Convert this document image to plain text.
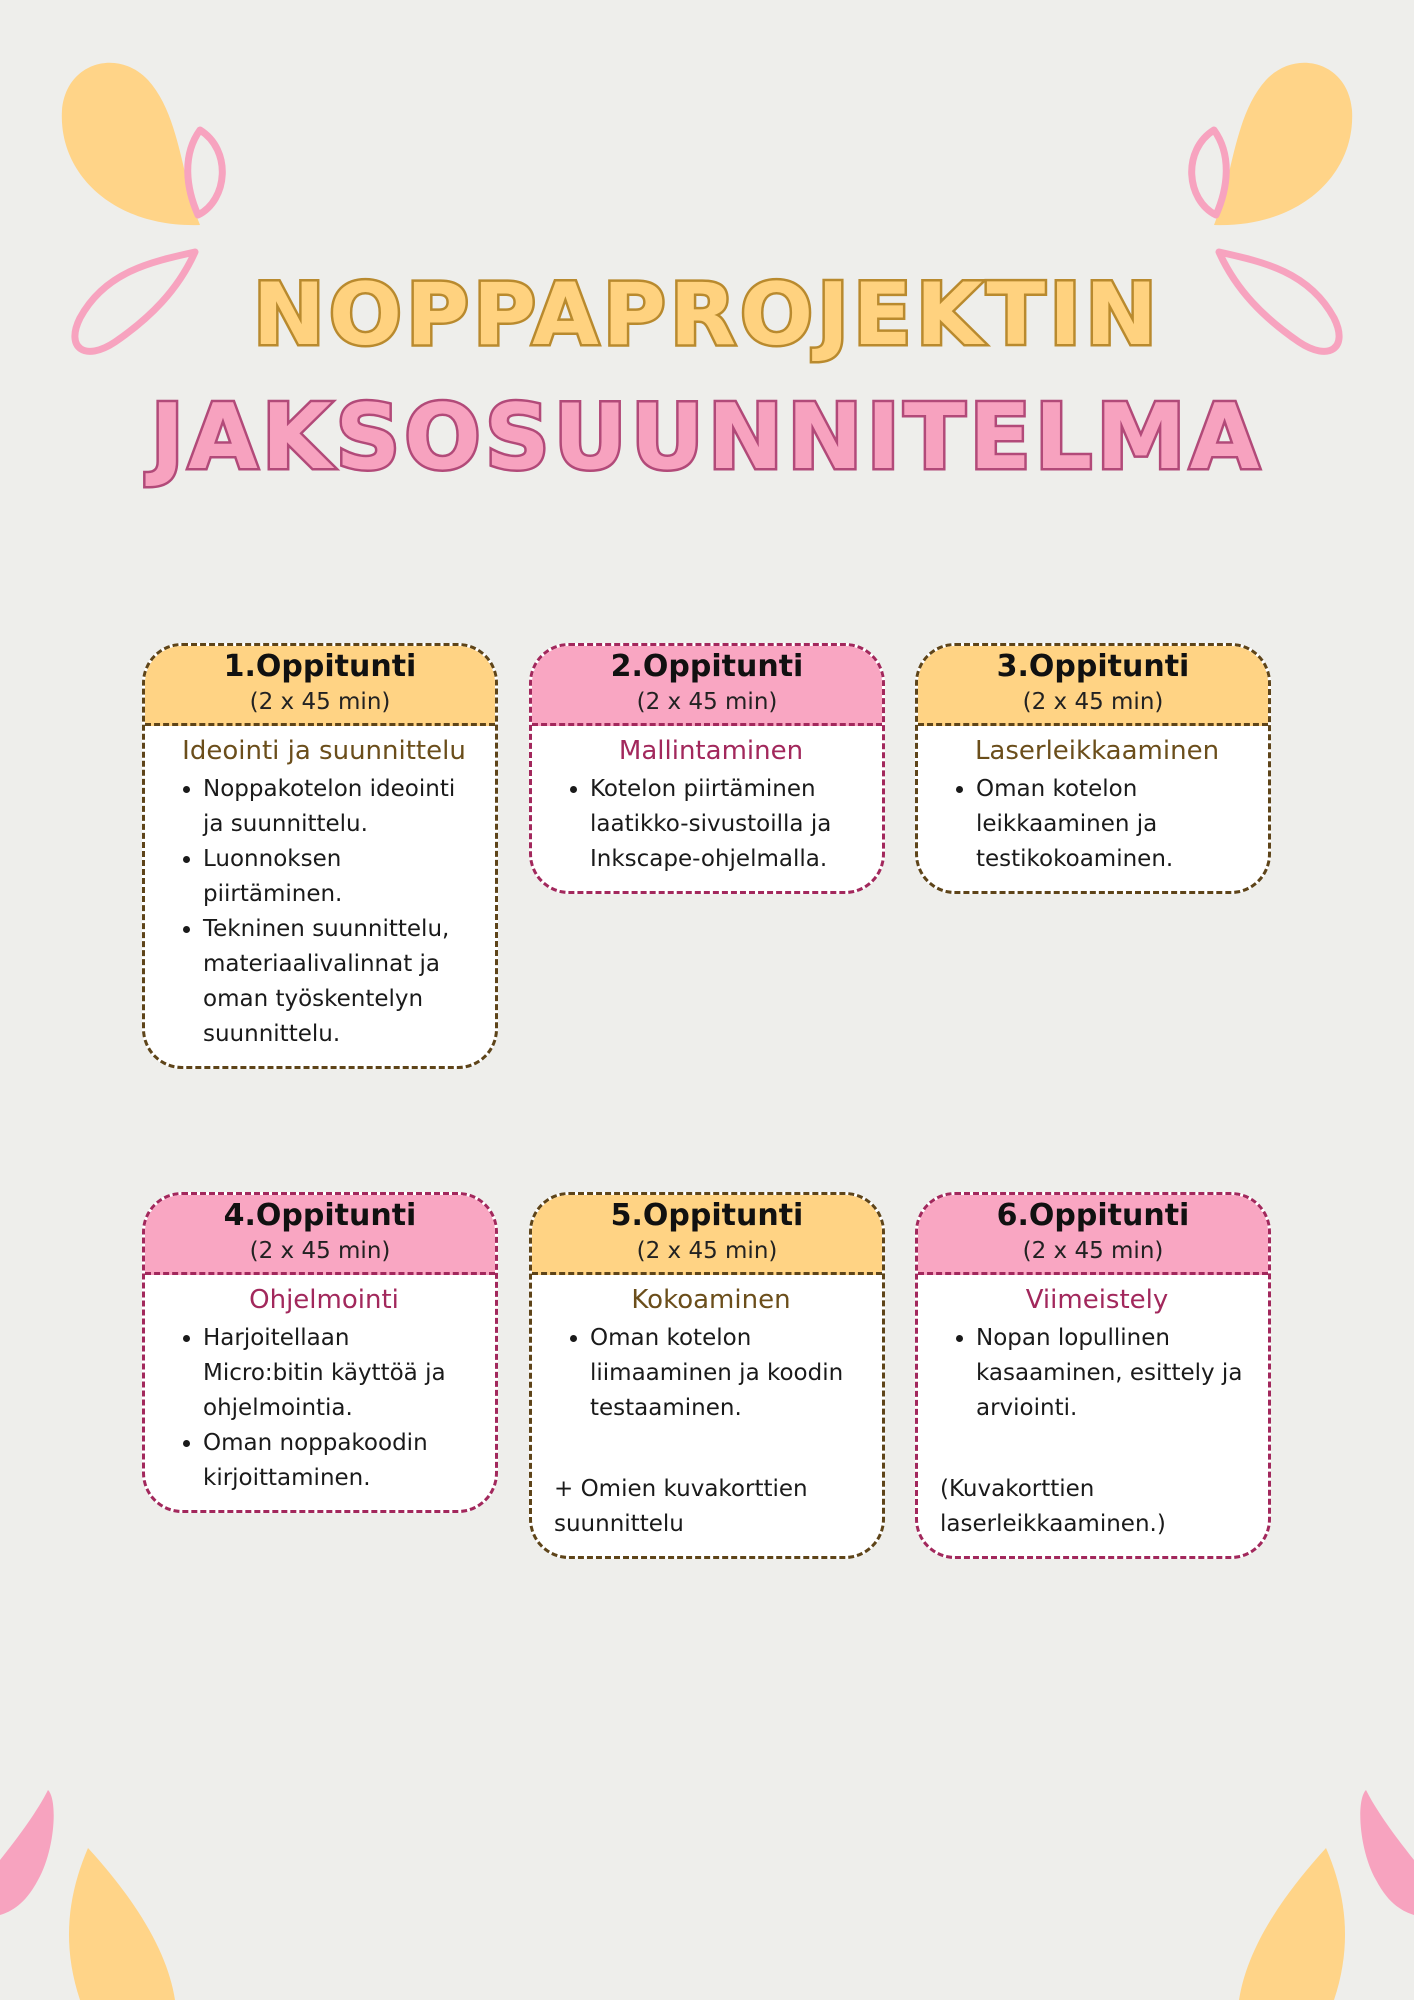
NOPPAPROJEKTIN
JAKSOSUUNNITELMA
1.Oppitunti
(2 x 45 min)
Ideointi ja suunnittelu
• Noppakotelon ideointi ja suunnittelu.
• Luonnoksen piirtäminen.
• Tekninen suunnittelu, materiaalivalinnat ja oman työskentelyn suunnittelu.
2.Oppitunti
(2 x 45 min)
Mallintaminen
• Kotelon piirtäminen laatikko-sivustoilla ja Inkscape-ohjelmalla.
3.Oppitunti
(2 x 45 min)
Laserleikkaaminen
• Oman kotelon leikkaaminen ja testikokoaminen.
4.Oppitunti
(2 x 45 min)
Ohjelmointi
• Harjoitellaan Micro:bitin käyttöä ja ohjelmointia.
• Oman noppakoodin kirjoittaminen.
5.Oppitunti
(2 x 45 min)
Kokoaminen
• Oman kotelon liimaaminen ja koodin testaaminen.
+ Omien kuvakorttien suunnittelu
6.Oppitunti
(2 x 45 min)
Viimeistely
• Nopan lopullinen kasaaminen, esittely ja arviointi.
(Kuvakorttien laserleikkaaminen.)
